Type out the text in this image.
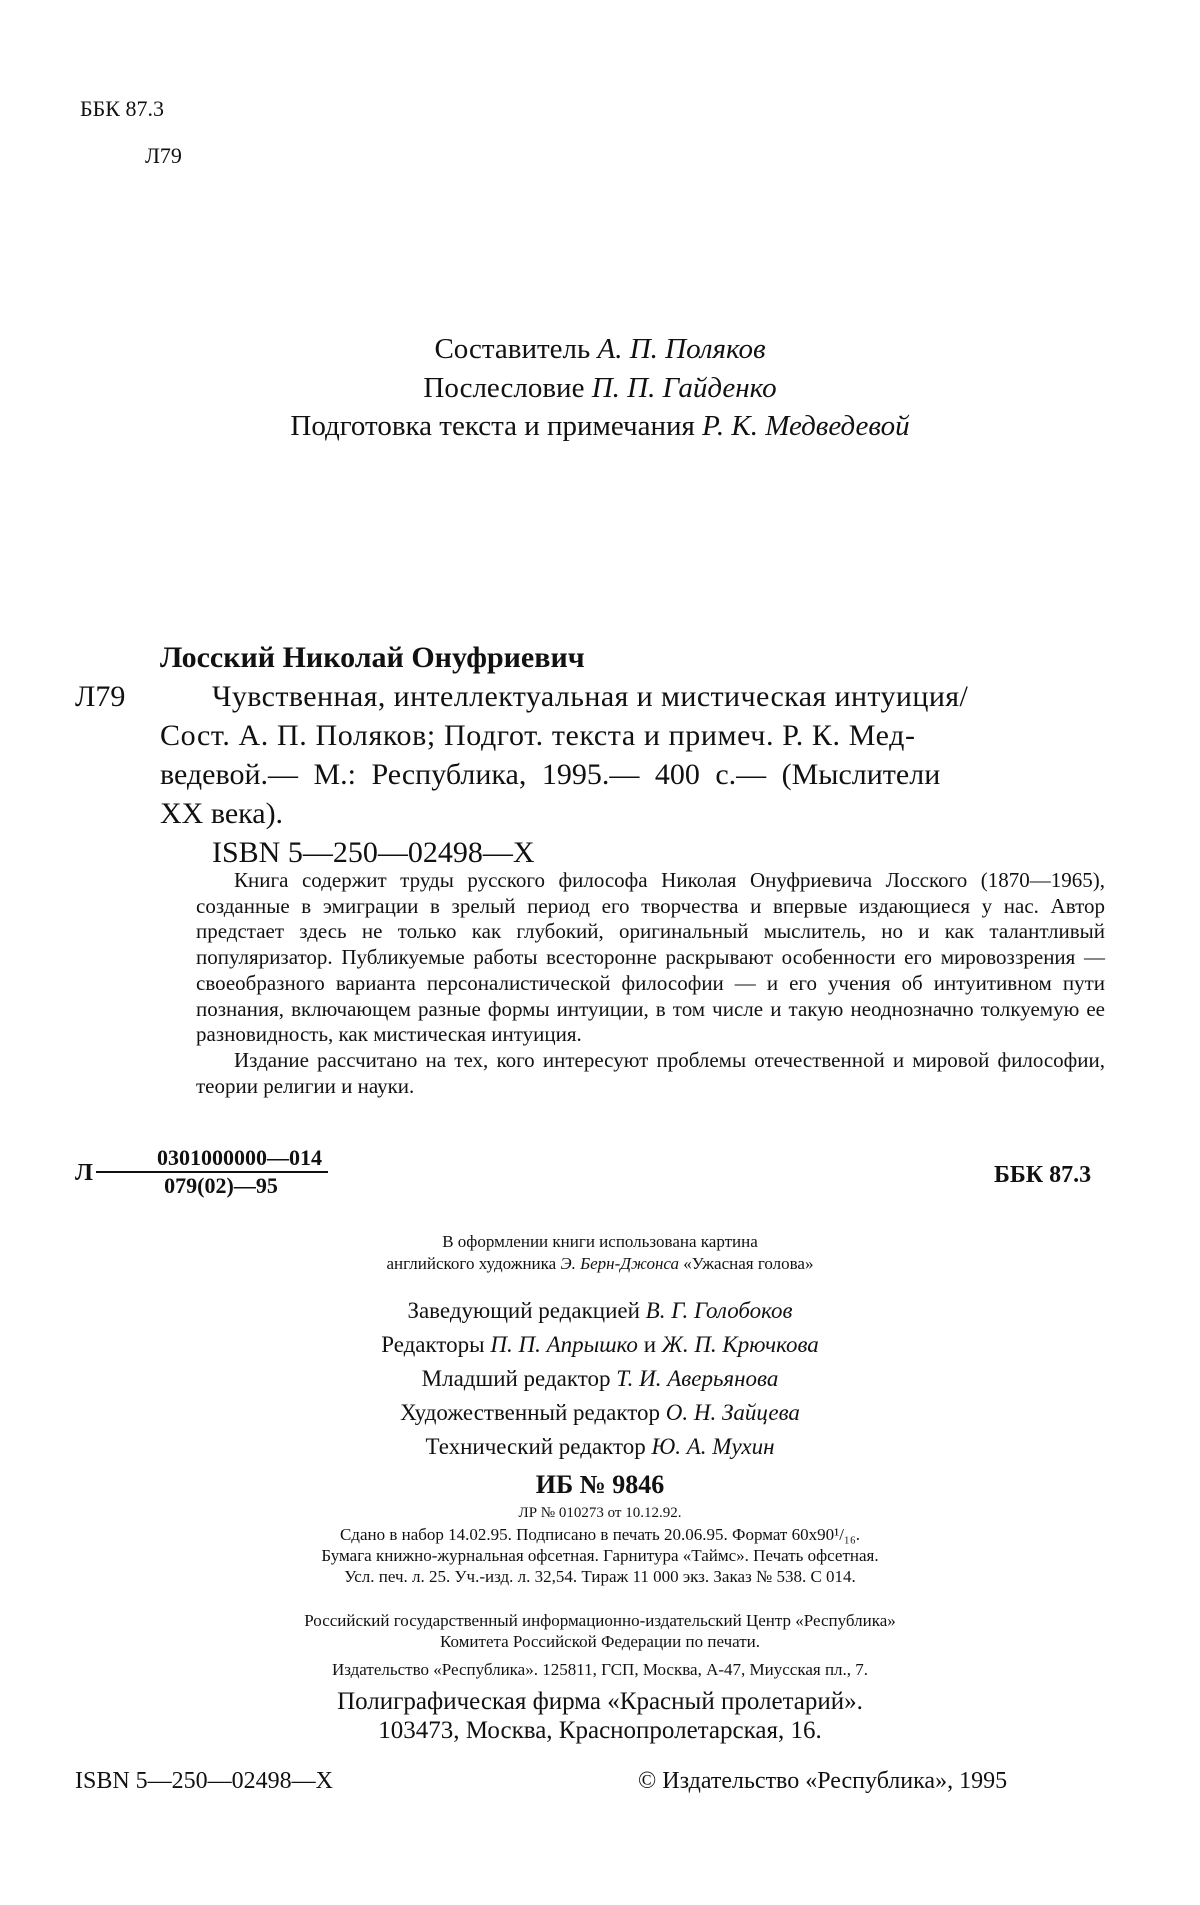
ББК 87.3
Л79
Составитель А. П. Поляков
Послесловие П. П. Гайденко
Подготовка текста и примечания Р. К. Медведевой
Лосский Николай Онуфриевич
Л79	Чувственная, интеллектуальная и мистическая интуиция/
Сост. А. П. Поляков; Подгот. текста и примеч. Р. К. Мед-
ведевой.— М.: Республика, 1995.— 400 с.— (Мыслители
XX века).
ISBN 5—250—02498—X

Книга содержит труды русского философа Николая Онуфриевича Лосского (1870—1965), созданные в эмиграции в зрелый период его творчества и впервые издающиеся у нас. Автор предстает здесь не только как глубокий, оригинальный мыслитель, но и как талантливый популяризатор. Публикуемые работы всесторонне раскрывают особенности его мировоззрения — своеобразного варианта персоналистической философии — и его учения об интуитивном пути познания, включающем разные формы интуиции, в том числе и такую неоднозначно толкуемую ее разновидность, как мистическая интуиция.

Издание рассчитано на тех, кого интересуют проблемы отечественной и мировой философии, теории религии и науки.

Л $\frac{0301000000—014}{079(02)—95}$	ББК 87.3
В оформлении книги использована картина
английского художника Э. Берн-Джонса «Ужасная голова»
Заведующий редакцией В. Г. Голобоков
Редакторы П. П. Апрышко и Ж. П. Крючкова
Младший редактор Т. И. Аверьянова
Художественный редактор О. Н. Зайцева
Технический редактор Ю. А. Мухин
ИБ № 9846
ЛР № 010273 от 10.12.92.
Сдано в набор 14.02.95. Подписано в печать 20.06.95. Формат 60x90¹/₁₆.
Бумага книжно-журнальная офсетная. Гарнитура «Таймс». Печать офсетная.
Усл. печ. л. 25. Уч.-изд. л. 32,54. Тираж 11 000 экз. Заказ № 538. С 014.
Российский государственный информационно-издательский Центр «Республика»
Комитета Российской Федерации по печати.
Издательство «Республика». 125811, ГСП, Москва, А-47, Миусская пл., 7.
Полиграфическая фирма «Красный пролетарий».
103473, Москва, Краснопролетарская, 16.
ISBN 5—250—02498—X	© Издательство «Республика», 1995
